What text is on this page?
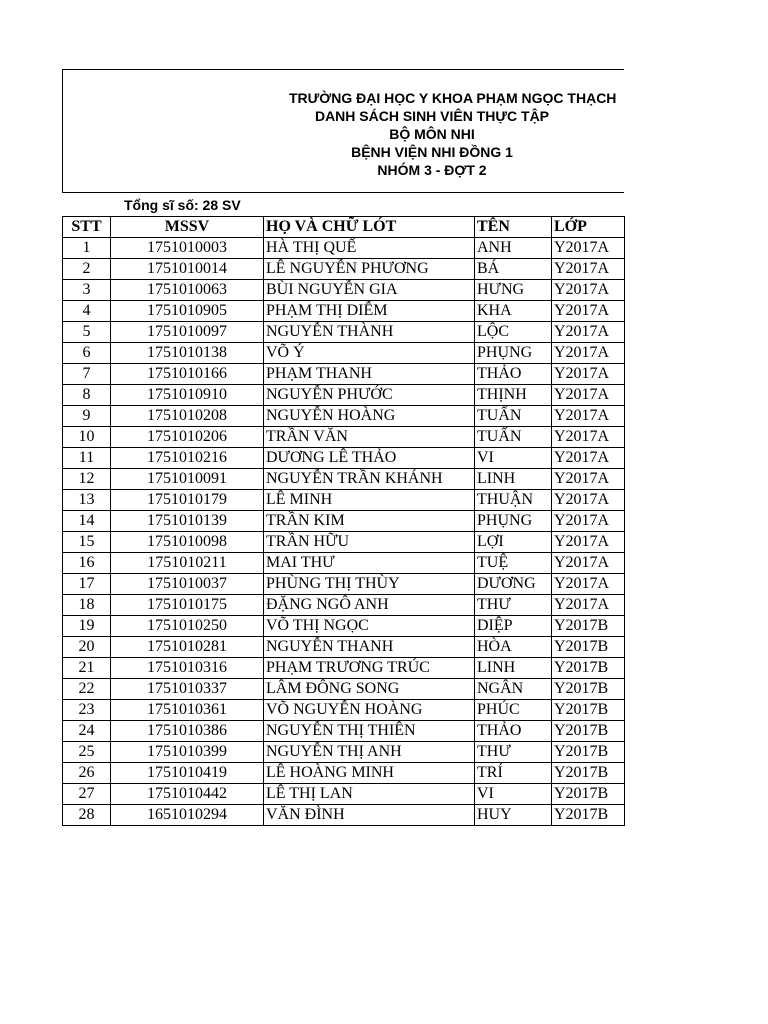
TRƯỜNG ĐẠI HỌC Y KHOA PHẠM NGỌC THẠCH
DANH SÁCH SINH VIÊN THỰC TẬP
BỘ MÔN NHI
BỆNH VIỆN NHI ĐỒNG 1
NHÓM 3 - ĐỢT 2
Tổng sĩ số: 28 SV
STT	MSSV	HỌ VÀ CHỮ LÓT	TÊN	LỚP
1	1751010003	HÀ THỊ QUẾ	ANH	Y2017A
2	1751010014	LÊ NGUYỄN PHƯƠNG	BÁ	Y2017A
3	1751010063	BÙI NGUYỄN GIA	HƯNG	Y2017A
4	1751010905	PHẠM THỊ DIỄM	KHA	Y2017A
5	1751010097	NGUYỄN THÀNH	LỘC	Y2017A
6	1751010138	VÕ Ý	PHỤNG	Y2017A
7	1751010166	PHẠM THANH	THẢO	Y2017A
8	1751010910	NGUYỄN PHƯỚC	THỊNH	Y2017A
9	1751010208	NGUYỄN HOÀNG	TUẤN	Y2017A
10	1751010206	TRẦN VĂN	TUẤN	Y2017A
11	1751010216	DƯƠNG LÊ THẢO	VI	Y2017A
12	1751010091	NGUYỄN TRẦN KHÁNH	LINH	Y2017A
13	1751010179	LÊ MINH	THUẬN	Y2017A
14	1751010139	TRẦN KIM	PHỤNG	Y2017A
15	1751010098	TRẦN HỮU	LỢI	Y2017A
16	1751010211	MAI THƯ	TUỆ	Y2017A
17	1751010037	PHÙNG THỊ THÙY	DƯƠNG	Y2017A
18	1751010175	ĐẶNG NGÔ ANH	THƯ	Y2017A
19	1751010250	VÕ THỊ NGỌC	DIỆP	Y2017B
20	1751010281	NGUYỄN THANH	HÒA	Y2017B
21	1751010316	PHẠM TRƯƠNG TRÚC	LINH	Y2017B
22	1751010337	LÂM ĐÔNG SONG	NGÂN	Y2017B
23	1751010361	VÕ NGUYỄN HOÀNG	PHÚC	Y2017B
24	1751010386	NGUYỄN THỊ THIÊN	THẢO	Y2017B
25	1751010399	NGUYỄN THỊ ANH	THƯ	Y2017B
26	1751010419	LÊ HOÀNG MINH	TRÍ	Y2017B
27	1751010442	LÊ THỊ LAN	VI	Y2017B
28	1651010294	VĂN ĐÌNH	HUY	Y2017B
